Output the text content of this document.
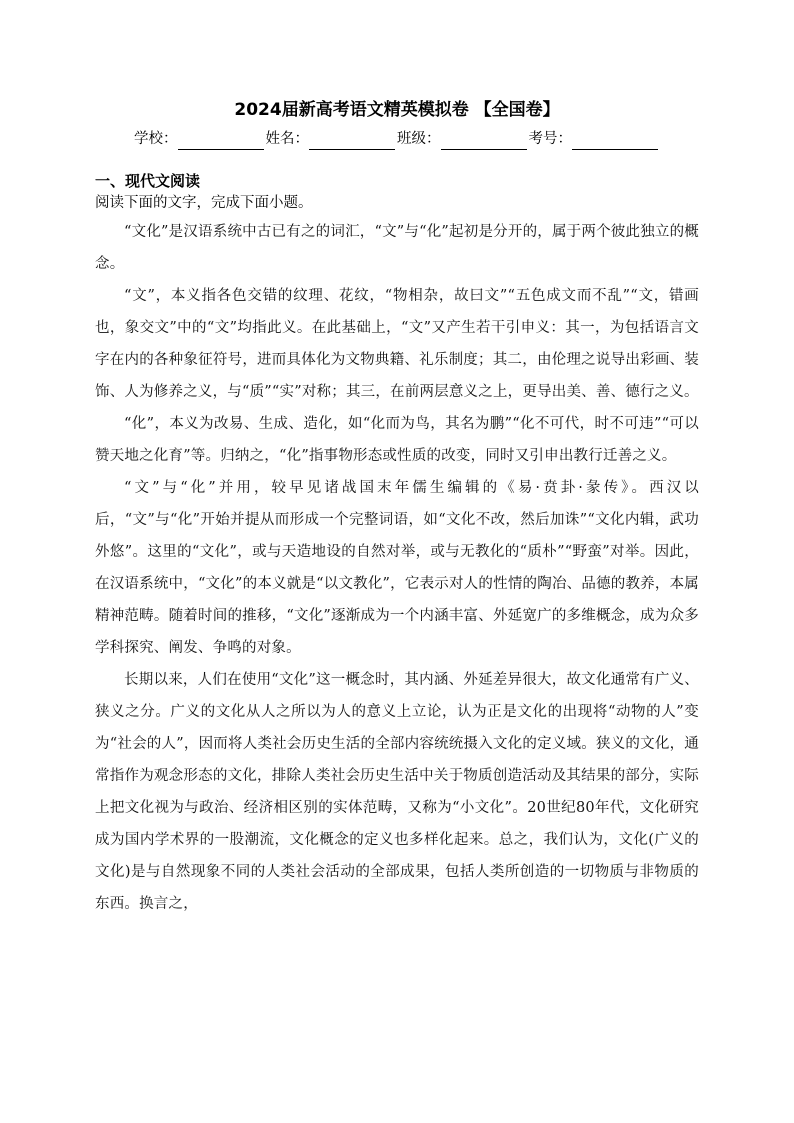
2024届新高考语文精英模拟卷 【全国卷】
学校：	姓名：	班级：	考号：
一、现代文阅读

阅读下面的文字，完成下面小题。

“文化”是汉语系统中古已有之的词汇，“文”与“化”起初是分开的，属于两个彼此独立的概念。

“文”，本义指各色交错的纹理、花纹，“物相杂，故曰文”“五色成文而不乱”“文，错画也，象交文”中的“文”均指此义。在此基础上，“文”又产生若干引申义：其一，为包括语言文字在内的各种象征符号，进而具体化为文物典籍、礼乐制度；其二，由伦理之说导出彩画、装饰、人为修养之义，与“质”“实”对称；其三，在前两层意义之上，更导出美、善、德行之义。

“化”，本义为改易、生成、造化，如“化而为鸟，其名为鹏”“化不可代，时不可违”“可以赞天地之化育”等。归纳之，“化”指事物形态或性质的改变，同时又引申出教行迁善之义。

“文”与“化”并用，较早见诸战国末年儒生编辑的《易·贲卦·彖传》。西汉以后，“文”与“化”开始并提从而形成一个完整词语，如“文化不改，然后加诛”“文化内辑，武功外悠”。这里的“文化”，或与天造地设的自然对举，或与无教化的“质朴”“野蛮”对举。因此，在汉语系统中，“文化”的本义就是“以文教化”，它表示对人的性情的陶冶、品德的教养，本属精神范畴。随着时间的推移，“文化”逐渐成为一个内涵丰富、外延宽广的多维概念，成为众多学科探究、阐发、争鸣的对象。

长期以来，人们在使用“文化”这一概念时，其内涵、外延差异很大，故文化通常有广义、狭义之分。广义的文化从人之所以为人的意义上立论，认为正是文化的出现将“动物的人”变为“社会的人”，因而将人类社会历史生活的全部内容统统摄入文化的定义域。狭义的文化，通常指作为观念形态的文化，排除人类社会历史生活中关于物质创造活动及其结果的部分，实际上把文化视为与政治、经济相区别的实体范畴，又称为“小文化”。20世纪80年代，文化研究成为国内学术界的一股潮流，文化概念的定义也多样化起来。总之，我们认为，文化(广义的文化)是与自然现象不同的人类社会活动的全部成果，包括人类所创造的一切物质与非物质的东西。换言之，
